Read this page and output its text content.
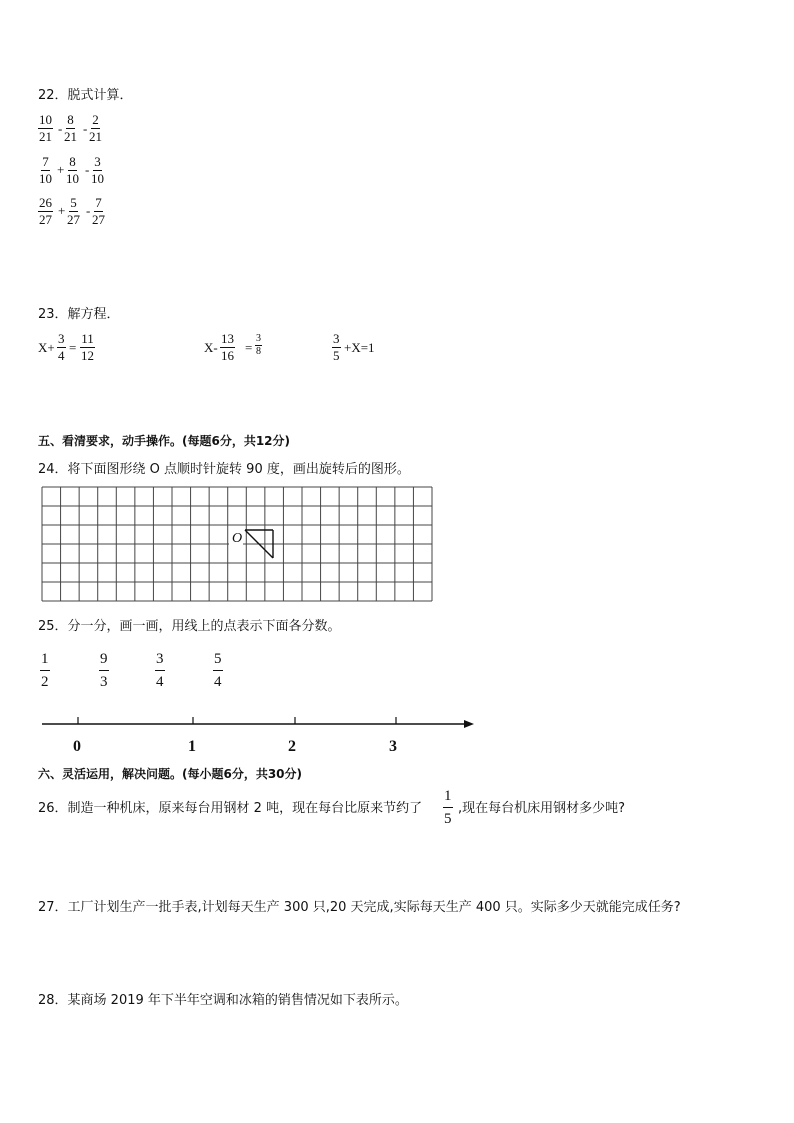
22．脱式计算．
$\frac{10}{21} - \frac{8}{21} - \frac{2}{21}$
$\frac{7}{10} + \frac{8}{10} - \frac{3}{10}$
$\frac{26}{27} + \frac{5}{27} - \frac{7}{27}$
23．解方程．
$X+ \frac{3}{4} = \frac{11}{12}$	$X- \frac{13}{16} = \frac{3}{8}$	$\frac{3}{5} +X=1$
五、看清要求，动手操作。(每题6分，共12分)
24．将下面图形绕 O 点顺时针旋转 90 度，画出旋转后的图形。
O
25．分一分，画一画，用线上的点表示下面各分数。
$\frac{1}{2}$	$\frac{9}{3}$	$\frac{3}{4}$	$\frac{5}{4}$
0	1	2	3
六、灵活运用，解决问题。(每小题6分，共30分)
26．制造一种机床，原来每台用钢材 2 吨，现在每台比原来节约了 $\frac{1}{5}$ ,现在每台机床用钢材多少吨?
27．工厂计划生产一批手表,计划每天生产 300 只,20 天完成,实际每天生产 400 只。实际多少天就能完成任务?
28．某商场 2019 年下半年空调和冰箱的销售情况如下表所示。
